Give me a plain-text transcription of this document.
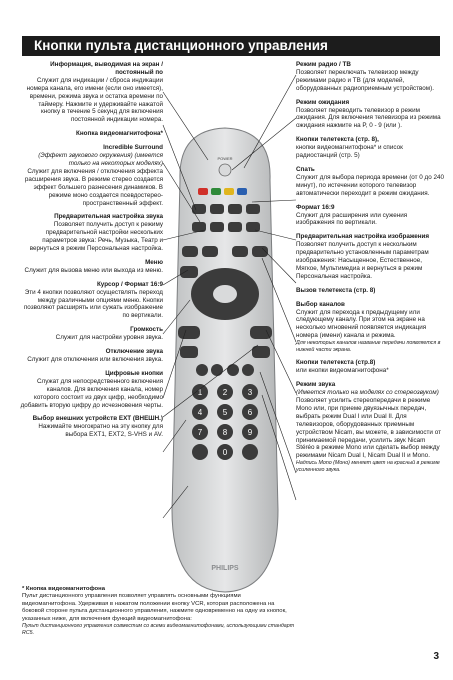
Кнопки пульта дистанционного управления
Информация, выводимая на экран / постоянный по
Служит для индикации / сброса индикации номера канала, его имени (если оно имеется), времени, режима звука и остатка времени по таймеру. Нажмите и удерживайте нажатой кнопку в течение 5 секунд для включения постоянной индикации номера.
Кнопка видеомагнитофона*
Incredible Surround
(Эффект звукового окружения) (имеется только на некоторых моделях)
Служит для включения / отключения эффекта расширения звука. В режиме стерео создается эффект большего разнесения динамиков. В режиме моно создается псевдостерео-пространственный эффект.
Предварительная настройка звука
Позволяет получить доступ к режиму предварительной настройки нескольких параметров звука: Речь, Музыка, Театр и вернуться в режим Персональная настройка.
Меню
Служит для вызова меню или выхода из меню.
Курсор / Формат 16:9
Эти 4 кнопки позволяют осуществлять переход между различными опциями меню. Кнопки позволяют расширять или сужать изображение по вертикали.
Громкость
Служит для настройки уровня звука.
Отключение звука
Служит для отключения или включения звука.
Цифровые кнопки
Служат для непосредственного включения каналов. Для включения канала, номер которого состоит из двух цифр, необходимо добавить вторую цифру до исчезновения черты.
Выбор внешних устройств EXT (ВНЕШН.)
Нажимайте многократно на эту кнопку для выбора EXT1, EXT2, S-VHS и AV.
Режим радио / ТВ
Позволяет переключать телевизор между режимами радио и ТВ (для моделей, оборудованных радиоприемным устройством).
Режим ожидания
Позволяет переводить телевизор в режим ожидания. Для включения телевизора из режима ожидания нажмите на P, 0 - 9 (или ).
Кнопки телетекста (стр. 8),
кнопки видеомагнитофона* и список радиостанций (стр. 5)
Спать
Служит для выбора периода времени (от 0 до 240 минут), по истечении которого телевизор автоматически переходит в режим ожидания.
Формат 16:9
Служит для расширения или сужения изображения по вертикали.
Предварительная настройка изображения
Позволяет получить доступ к нескольким предварительно установленным параметрам изображения: Насыщенное, Естественное, Мягкое, Мультимедиа и вернуться в режим Персональная настройка.
Вызов телетекста (стр. 8)
Выбор каналов
Служит для перехода к предыдущему или следующему каналу. При этом на экране на несколько мгновений появляется индикация номера (имени) канала и режима.
Для некоторых каналов название передачи появляется в нижней части экрана.
Кнопки телетекста (стр.8)
или кнопки видеомагнитофона*
Режим звука
(Имеется только на моделях со стереозвуком)
Позволяет усилить стереопередачи в режиме Mono или, при приеме двуязычных передач, выбрать режим Dual I или Dual II. Для телевизоров, оборудованных приемным устройством Nicam, вы можете, в зависимости от принимаемой передачи, усилить звук Nicam Stéréo в режиме Mono или сделать выбор между режимами Nicam Dual I, Nicam Dual II и Mono.
Надпись Mono (Моно) меняет цвет на красный в режиме усиленного звука.
POWER
1	2	3
4	5	6
7	8	9
0
PHILIPS
* Кнопка видеомагнитофона
Пульт дистанционного управления позволяет управлять основными функциями видеомагнитофона. Удерживая в нажатом положении кнопку VCR, которая расположена на боковой стороне пульта дистанционного управления, нажмите одновременно на одну из кнопок, указанных ниже, для включения функций видеомагнитофона:
Пульт дистанционного управления совместим со всеми видеомагнитофонами, использующими стандарт RC5.
3
